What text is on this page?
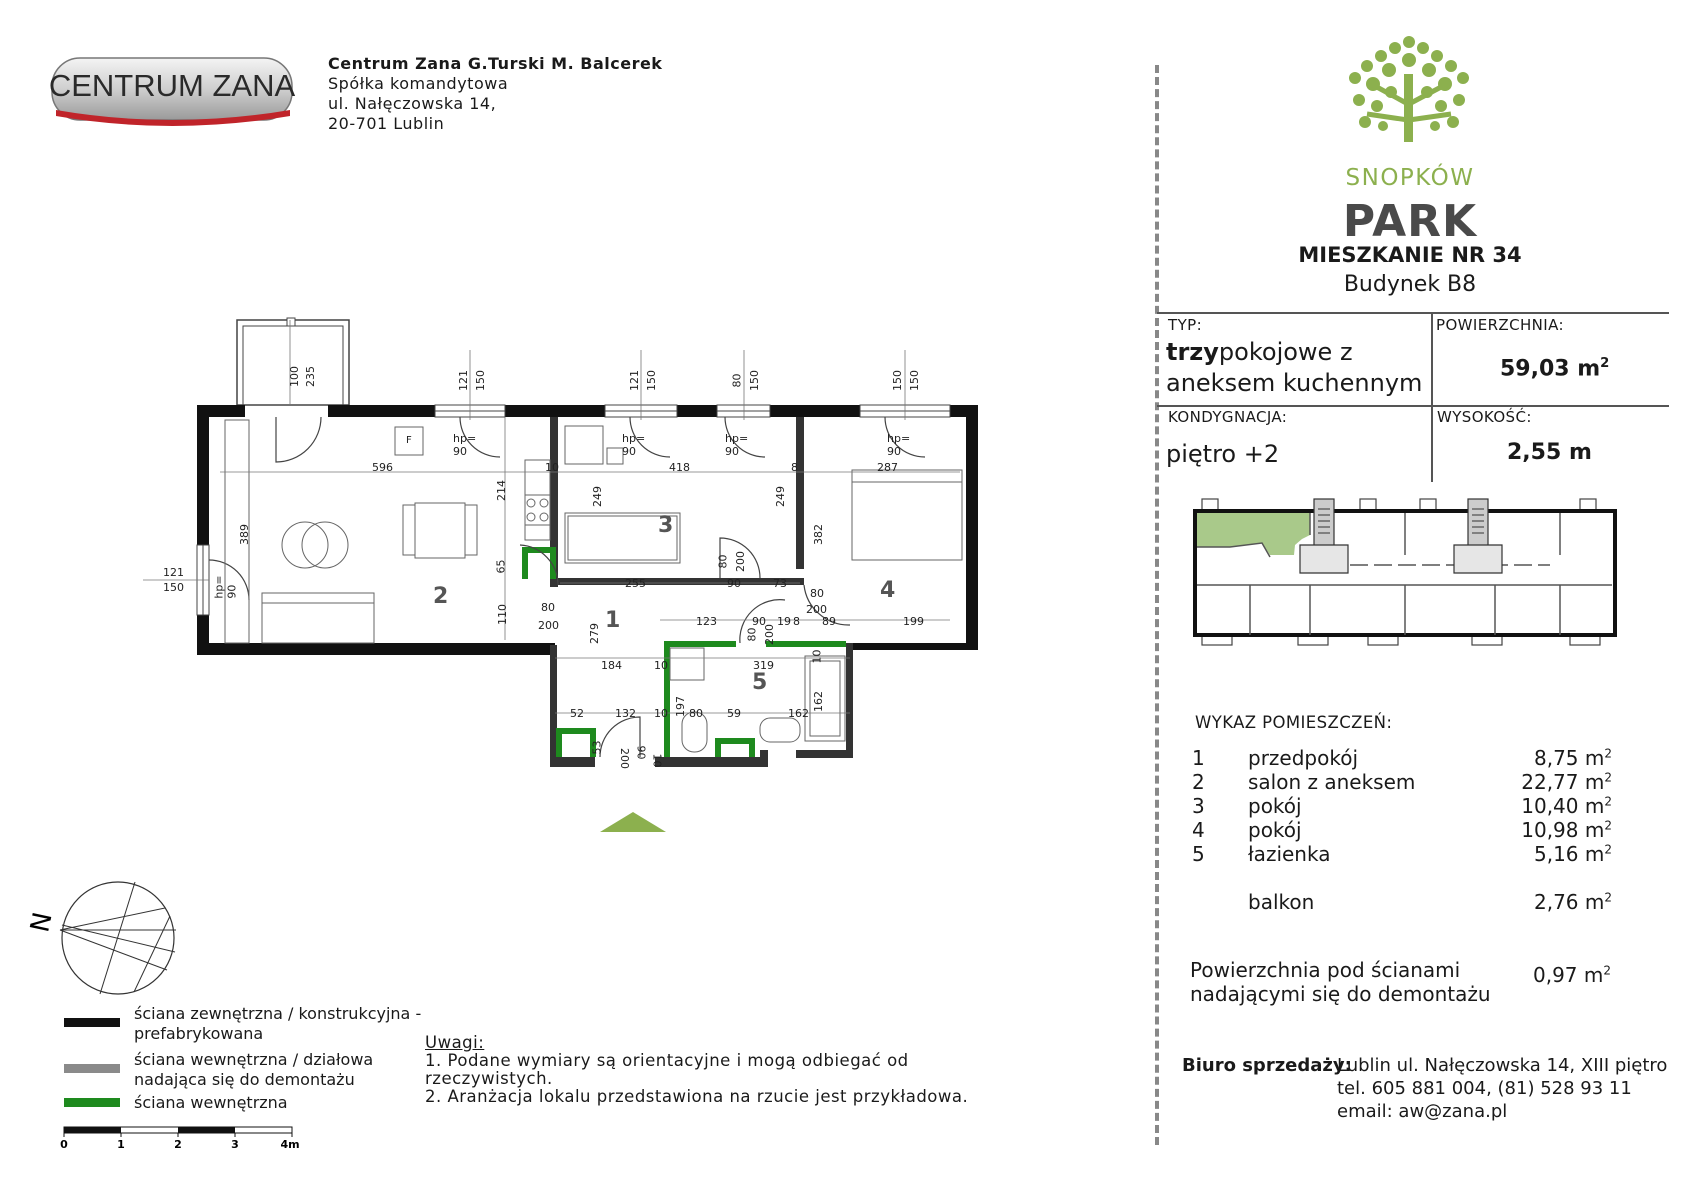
CENTRUM ZANA
Centrum Zana G.Turski M. Balcerek
Spółka komandytowa
ul. Nałęczowska 14,
20-701 Lublin
SNOPKÓW
PARK
MIESZKANIE NR 34
Budynek B8
TYP:
trzypokojowe z
aneksem kuchennym
POWIERZCHNIA:
59,03 $m^2$
KONDYGNACJA:
piętro +2
WYSOKOŚĆ:
2,55 m
WYKAZ POMIESZCZEŃ:
1 przedpokój	8,75 $m^2$
2 salon z aneksem	22,77 $m^2$
3 pokój	10,40 $m^2$
4 pokój	10,98 $m^2$
5 łazienka	5,16 $m^2$
balkon	2,76 $m^2$
Powierzchnia pod ścianami
nadającymi się do demontażu
0,97 $m^2$
Biuro sprzedaży:
Lublin ul. Nałęczowska 14, XIII piętro
tel. 605 881 004, (81) 528 93 11
email: aw@zana.pl
N
ściana zewnętrzna / konstrukcyjna -
prefabrykowana
ściana wewnętrzna / działowa
nadająca się do demontażu
ściana wewnętrzna
0	1	2	3	4m
Uwagi:
1. Podane wymiary są orientacyjne i mogą odbiegać od
rzeczywistych.
2. Aranżacja lokalu przedstawiona na rzucie jest przykładowa.
2
1
3
4
5
596	10	418	8	287
214
65
110
389
249	249
382
255	90	73
80
200
80
200
123	90 19 8 89	199
80 200
80 200
279
184	10	319
10
162
52	132 10 197 80 59	162
53
200 90
10
100 235	121 150	121 150	80 150	150 150
121
150
hp= 90
hp= 90
hp= 90
hp= 90
hp= 90
F
